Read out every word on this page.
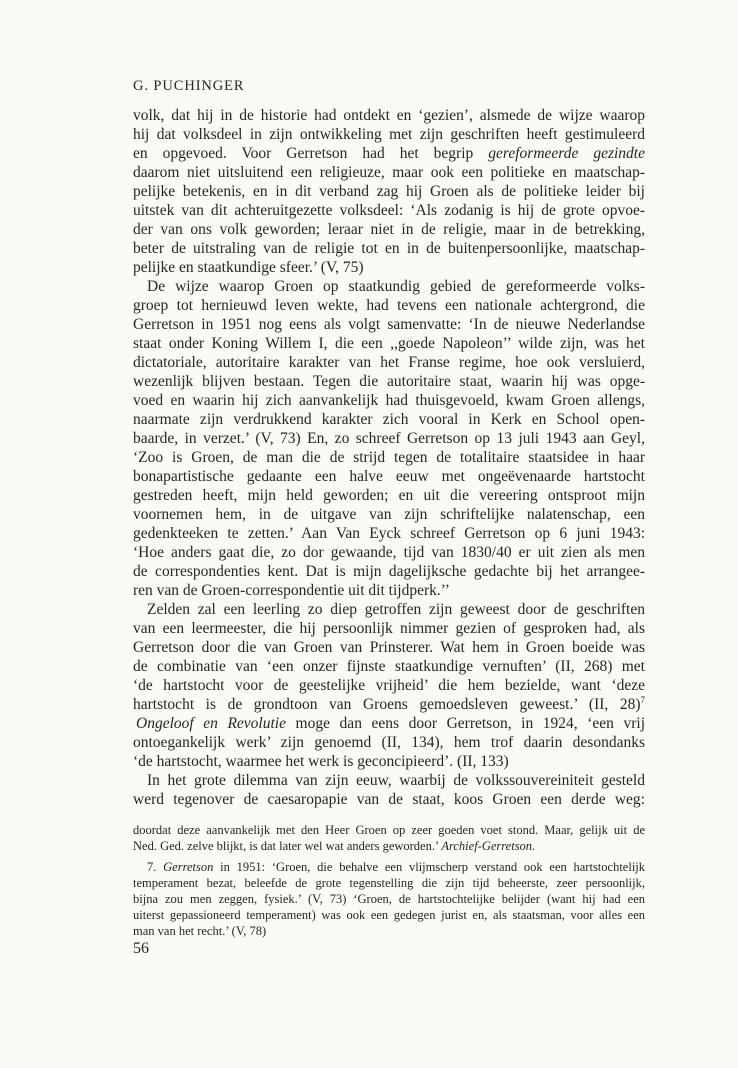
G. PUCHINGER
volk, dat hij in de historie had ontdekt en ‘gezien’, alsmede de wijze waarop
hij dat volksdeel in zijn ontwikkeling met zijn geschriften heeft gestimuleerd
en opgevoed. Voor Gerretson had het begrip gereformeerde gezindte
daarom niet uitsluitend een religieuze, maar ook een politieke en maatschap-
pelijke betekenis, en in dit verband zag hij Groen als de politieke leider bij
uitstek van dit achteruitgezette volksdeel: ‘Als zodanig is hij de grote opvoe-
der van ons volk geworden; leraar niet in de religie, maar in de betrekking,
beter de uitstraling van de religie tot en in de buitenpersoonlijke, maatschap-
pelijke en staatkundige sfeer.’ (V, 75)
De wijze waarop Groen op staatkundig gebied de gereformeerde volks-
groep tot hernieuwd leven wekte, had tevens een nationale achtergrond, die
Gerretson in 1951 nog eens als volgt samenvatte: ‘In de nieuwe Nederlandse
staat onder Koning Willem I, die een ,,goede Napoleon’’ wilde zijn, was het
dictatoriale, autoritaire karakter van het Franse regime, hoe ook versluierd,
wezenlijk blijven bestaan. Tegen die autoritaire staat, waarin hij was opge-
voed en waarin hij zich aanvankelijk had thuisgevoeld, kwam Groen allengs,
naarmate zijn verdrukkend karakter zich vooral in Kerk en School open-
baarde, in verzet.’ (V, 73) En, zo schreef Gerretson op 13 juli 1943 aan Geyl,
‘Zoo is Groen, de man die de strijd tegen de totalitaire staatsidee in haar
bonapartistische gedaante een halve eeuw met ongeëvenaarde hartstocht
gestreden heeft, mijn held geworden; en uit die vereering ontsproot mijn
voornemen hem, in de uitgave van zijn schriftelijke nalatenschap, een
gedenkteeken te zetten.’ Aan Van Eyck schreef Gerretson op 6 juni 1943:
‘Hoe anders gaat die, zo dor gewaande, tijd van 1830/40 er uit zien als men
de correspondenties kent. Dat is mijn dagelijksche gedachte bij het arrangee-
ren van de Groen-correspondentie uit dit tijdperk.’’
Zelden zal een leerling zo diep getroffen zijn geweest door de geschriften
van een leermeester, die hij persoonlijk nimmer gezien of gesproken had, als
Gerretson door die van Groen van Prinsterer. Wat hem in Groen boeide was
de combinatie van ‘een onzer fijnste staatkundige vernuften’ (II, 268) met
‘de hartstocht voor de geestelijke vrijheid’ die hem bezielde, want ‘deze
hartstocht is de grondtoon van Groens gemoedsleven geweest.’ (II, 28)$^7$
Ongeloof en Revolutie moge dan eens door Gerretson, in 1924, ‘een vrij
ontoegankelijk werk’ zijn genoemd (II, 134), hem trof daarin desondanks
‘de hartstocht, waarmee het werk is geconcipieerd’. (II, 133)
In het grote dilemma van zijn eeuw, waarbij de volkssouvereiniteit gesteld
werd tegenover de caesaropapie van de staat, koos Groen een derde weg:
doordat deze aanvankelijk met den Heer Groen op zeer goeden voet stond. Maar, gelijk uit de
Ned. Ged. zelve blijkt, is dat later wel wat anders geworden.’ Archief-Gerretson.
7. Gerretson in 1951: ‘Groen, die behalve een vlijmscherp verstand ook een hartstochtelijk
temperament bezat, beleefde de grote tegenstelling die zijn tijd beheerste, zeer persoonlijk,
bijna zou men zeggen, fysiek.’ (V, 73) ‘Groen, de hartstochtelijke belijder (want hij had een
uiterst gepassioneerd temperament) was ook een gedegen jurist en, als staatsman, voor alles een
man van het recht.’ (V, 78)
56
